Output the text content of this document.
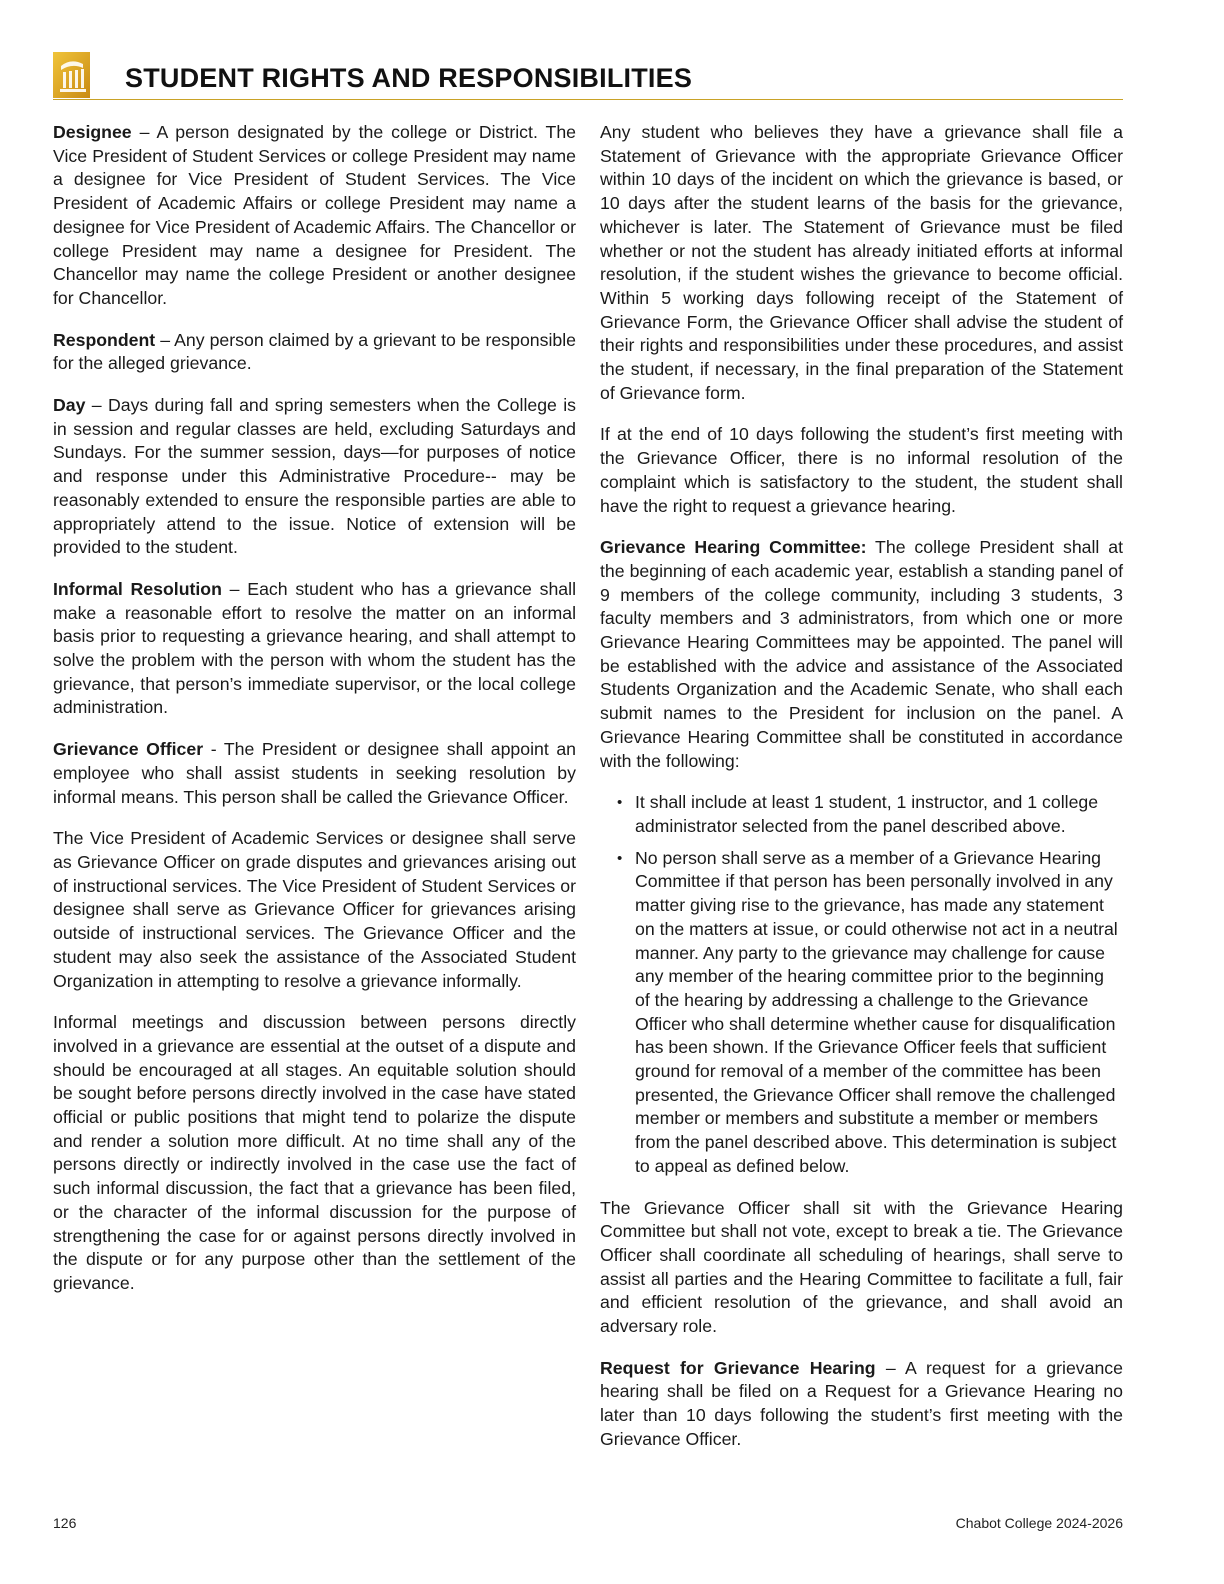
STUDENT RIGHTS AND RESPONSIBILITIES

Designee – A person designated by the college or District. The Vice President of Student Services or college President may name a designee for Vice President of Student Services. The Vice President of Academic Affairs or college President may name a designee for Vice President of Academic Affairs. The Chancellor or college President may name a designee for President. The Chancellor may name the college President or another designee for Chancellor.

Respondent – Any person claimed by a grievant to be responsible for the alleged grievance.

Day – Days during fall and spring semesters when the College is in session and regular classes are held, excluding Saturdays and Sundays. For the summer session, days—for purposes of notice and response under this Administrative Procedure-- may be reasonably extended to ensure the responsible parties are able to appropriately attend to the issue. Notice of extension will be provided to the student.

Informal Resolution – Each student who has a grievance shall make a reasonable effort to resolve the matter on an informal basis prior to requesting a grievance hearing, and shall attempt to solve the problem with the person with whom the student has the grievance, that person’s immediate supervisor, or the local college administration.

Grievance Officer - The President or designee shall appoint an employee who shall assist students in seeking resolution by informal means. This person shall be called the Grievance Officer.

The Vice President of Academic Services or designee shall serve as Grievance Officer on grade disputes and grievances arising out of instructional services. The Vice President of Student Services or designee shall serve as Grievance Officer for grievances arising outside of instructional services. The Grievance Officer and the student may also seek the assistance of the Associated Student Organization in attempting to resolve a grievance informally.

Informal meetings and discussion between persons directly involved in a grievance are essential at the outset of a dispute and should be encouraged at all stages. An equitable solution should be sought before persons directly involved in the case have stated official or public positions that might tend to polarize the dispute and render a solution more difficult. At no time shall any of the persons directly or indirectly involved in the case use the fact of such informal discussion, the fact that a grievance has been filed, or the character of the informal discussion for the purpose of strengthening the case for or against persons directly involved in the dispute or for any purpose other than the settlement of the grievance.

Any student who believes they have a grievance shall file a Statement of Grievance with the appropriate Grievance Officer within 10 days of the incident on which the grievance is based, or 10 days after the student learns of the basis for the grievance, whichever is later. The Statement of Grievance must be filed whether or not the student has already initiated efforts at informal resolution, if the student wishes the grievance to become official. Within 5 working days following receipt of the Statement of Grievance Form, the Grievance Officer shall advise the student of their rights and responsibilities under these procedures, and assist the student, if necessary, in the final preparation of the Statement of Grievance form.

If at the end of 10 days following the student’s first meeting with the Grievance Officer, there is no informal resolution of the complaint which is satisfactory to the student, the student shall have the right to request a grievance hearing.

Grievance Hearing Committee: The college President shall at the beginning of each academic year, establish a standing panel of 9 members of the college community, including 3 students, 3 faculty members and 3 administrators, from which one or more Grievance Hearing Committees may be appointed. The panel will be established with the advice and assistance of the Associated Students Organization and the Academic Senate, who shall each submit names to the President for inclusion on the panel. A Grievance Hearing Committee shall be constituted in accordance with the following:

• It shall include at least 1 student, 1 instructor, and 1 college administrator selected from the panel described above.
• No person shall serve as a member of a Grievance Hearing Committee if that person has been personally involved in any matter giving rise to the grievance, has made any statement on the matters at issue, or could otherwise not act in a neutral manner. Any party to the grievance may challenge for cause any member of the hearing committee prior to the beginning of the hearing by addressing a challenge to the Grievance Officer who shall determine whether cause for disqualification has been shown. If the Grievance Officer feels that sufficient ground for removal of a member of the committee has been presented, the Grievance Officer shall remove the challenged member or members and substitute a member or members from the panel described above. This determination is subject to appeal as defined below.

The Grievance Officer shall sit with the Grievance Hearing Committee but shall not vote, except to break a tie. The Grievance Officer shall coordinate all scheduling of hearings, shall serve to assist all parties and the Hearing Committee to facilitate a full, fair and efficient resolution of the grievance, and shall avoid an adversary role.

Request for Grievance Hearing – A request for a grievance hearing shall be filed on a Request for a Grievance Hearing no later than 10 days following the student’s first meeting with the Grievance Officer.

126	Chabot College 2024-2026
